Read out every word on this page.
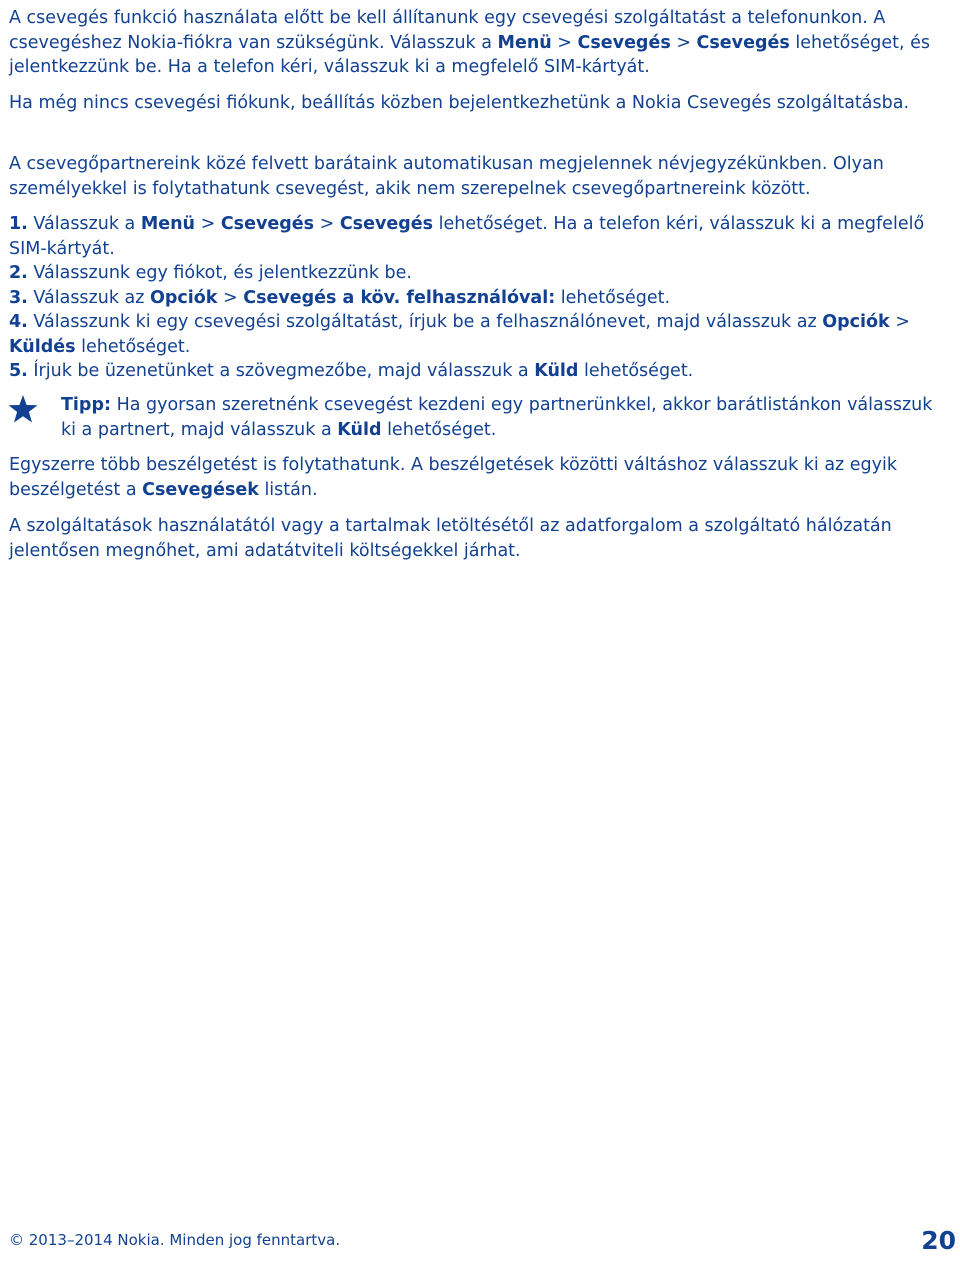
A csevegés funkció használata előtt be kell állítanunk egy csevegési szolgáltatást a telefonunkon. A csevegéshez Nokia-fiókra van szükségünk. Válasszuk a Menü > Csevegés > Csevegés lehetőséget, és jelentkezzünk be. Ha a telefon kéri, válasszuk ki a megfelelő SIM-kártyát.

Ha még nincs csevegési fiókunk, beállítás közben bejelentkezhetünk a Nokia Csevegés szolgáltatásba.

A csevegőpartnereink közé felvett barátaink automatikusan megjelennek névjegyzékünkben. Olyan személyekkel is folytathatunk csevegést, akik nem szerepelnek csevegőpartnereink között.

1. Válasszuk a Menü > Csevegés > Csevegés lehetőséget. Ha a telefon kéri, válasszuk ki a megfelelő SIM-kártyát.

2. Válasszunk egy fiókot, és jelentkezzünk be.

3. Válasszuk az Opciók > Csevegés a köv. felhasználóval: lehetőséget.

4. Válasszunk ki egy csevegési szolgáltatást, írjuk be a felhasználónevet, majd válasszuk az Opciók > Küldés lehetőséget.

5. Írjuk be üzenetünket a szövegmezőbe, majd válasszuk a Küld lehetőséget.

Tipp: Ha gyorsan szeretnénk csevegést kezdeni egy partnerünkkel, akkor barátlistánkon válasszuk ki a partnert, majd válasszuk a Küld lehetőséget.

Egyszerre több beszélgetést is folytathatunk. A beszélgetések közötti váltáshoz válasszuk ki az egyik beszélgetést a Csevegések listán.

A szolgáltatások használatától vagy a tartalmak letöltésétől az adatforgalom a szolgáltató hálózatán jelentősen megnőhet, ami adatátviteli költségekkel járhat.

© 2013–2014 Nokia. Minden jog fenntartva.	20
